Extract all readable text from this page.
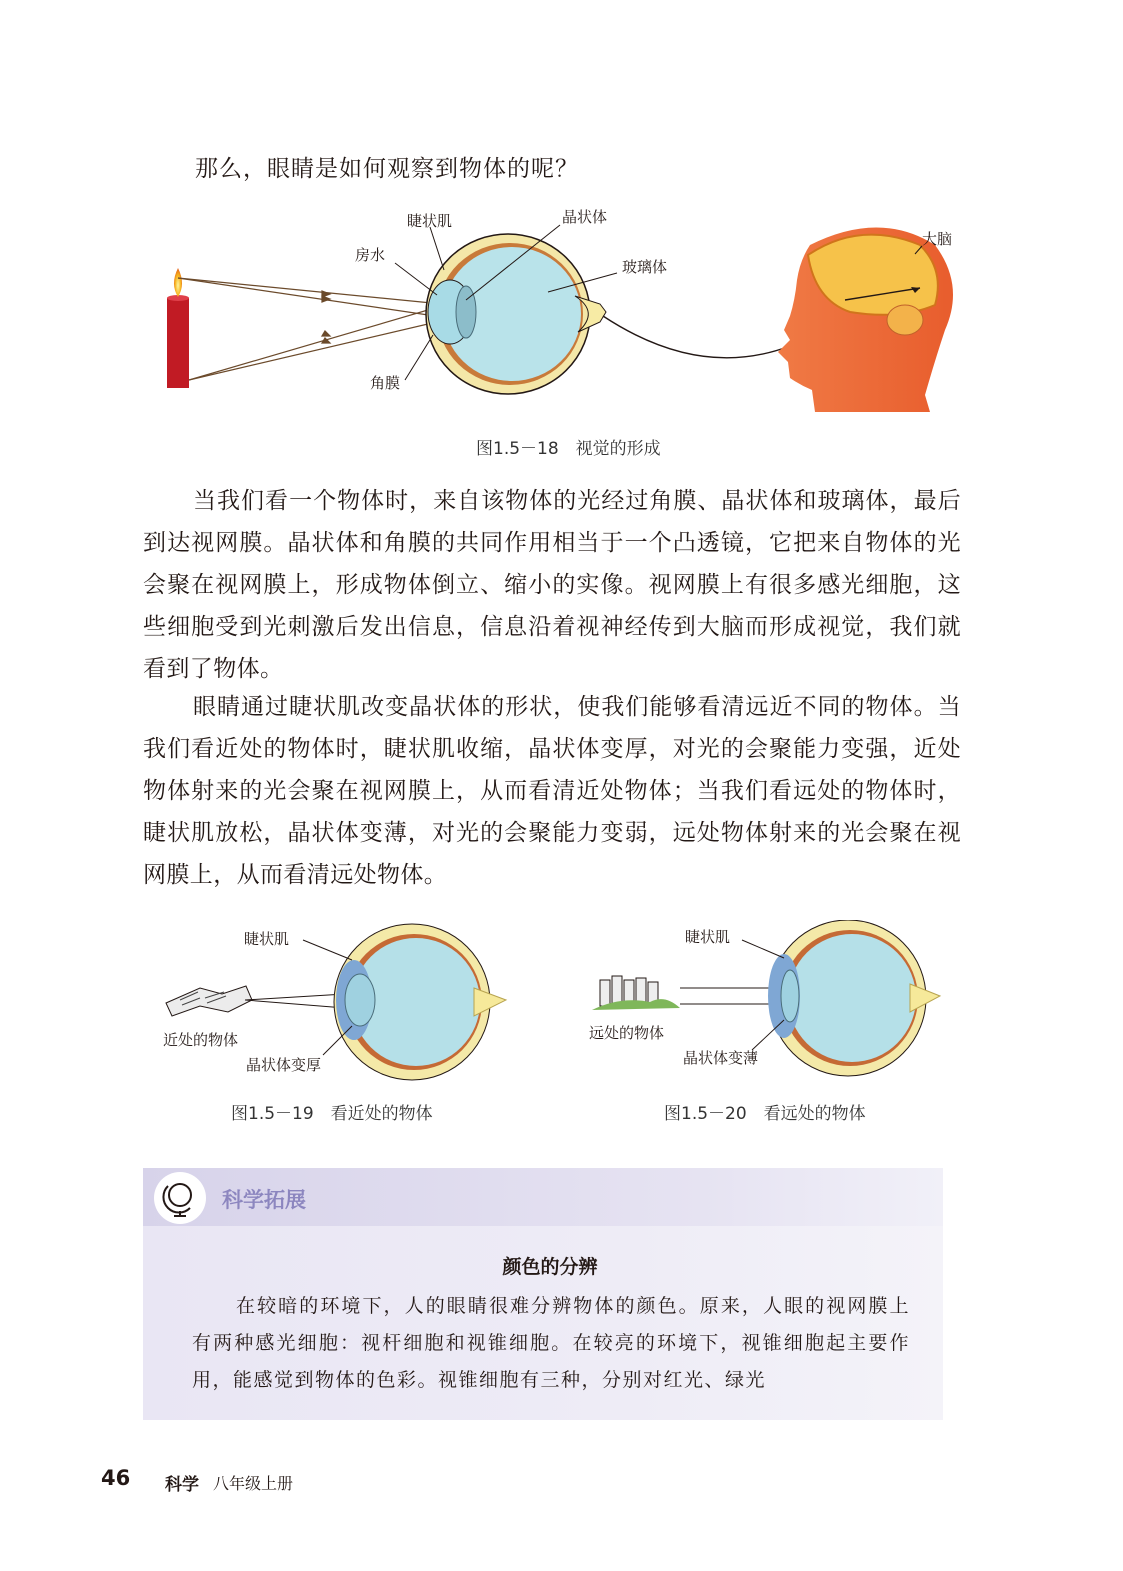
那么，眼睛是如何观察到物体的呢？
睫状肌	晶状体
房水
玻璃体
角膜
大脑
图1.5－18　视觉的形成

当我们看一个物体时，来自该物体的光经过角膜、晶状体和玻璃体，最后到达视网膜。晶状体和角膜的共同作用相当于一个凸透镜，它把来自物体的光会聚在视网膜上，形成物体倒立、缩小的实像。视网膜上有很多感光细胞，这些细胞受到光刺激后发出信息，信息沿着视神经传到大脑而形成视觉，我们就看到了物体。

眼睛通过睫状肌改变晶状体的形状，使我们能够看清远近不同的物体。当我们看近处的物体时，睫状肌收缩，晶状体变厚，对光的会聚能力变强，近处物体射来的光会聚在视网膜上，从而看清近处物体；当我们看远处的物体时，睫状肌放松，晶状体变薄，对光的会聚能力变弱，远处物体射来的光会聚在视网膜上，从而看清远处物体。

睫状肌
近处的物体
晶状体变厚
图1.5－19　看近处的物体
睫状肌
远处的物体
晶状体变薄
图1.5－20　看远处的物体
科学拓展
颜色的分辨

在较暗的环境下，人的眼睛很难分辨物体的颜色。原来，人眼的视网膜上有两种感光细胞：视杆细胞和视锥细胞。在较亮的环境下，视锥细胞起主要作用，能感觉到物体的色彩。视锥细胞有三种，分别对红光、绿光

46 科学 八年级上册
